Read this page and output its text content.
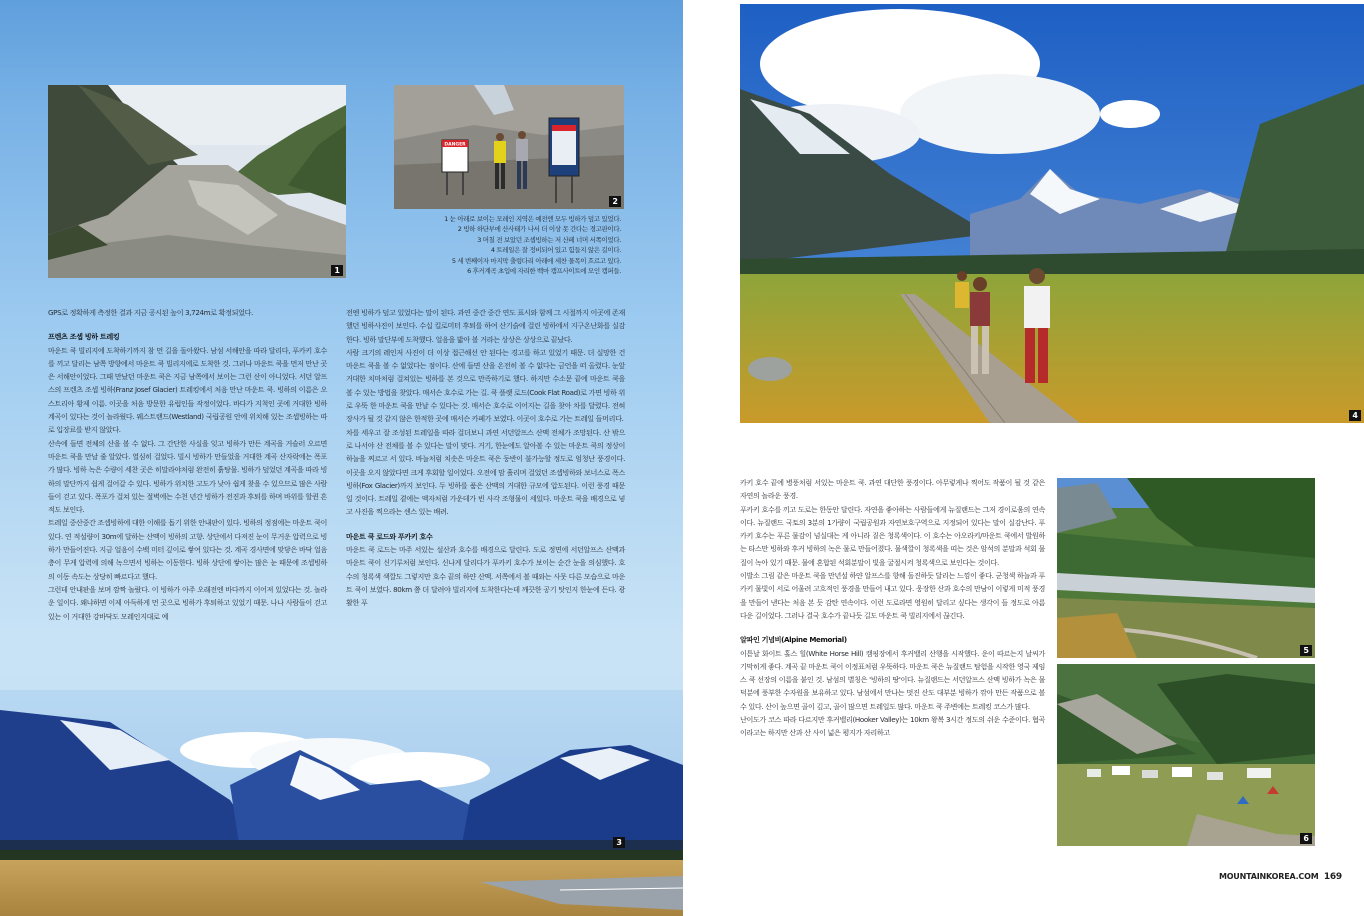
3
1
DANGER
2

1 눈 아래로 보이는 모레인 지역은 예전엔 모두 빙하가 덮고 있었다.

2 빙하 하단부에 산사태가 나서 더 이상 못 간다는 경고판이다.

3 머칠 전 보았던 조셉빙하는 저 산페 너머 서쪽이었다.

4 트레일은 잘 정비되어 있고 힘들지 않은 길이다.

5 세 번째이자 마지막 출렁다리 아래에 세찬 물목이 흐르고 있다.

6 후커계곡 초입에 자리한 백마 캠프사이트에 모인 캠퍼들.

GPS로 정확하게 측정한 결과 지금 공시된 높이 3,724m로 확정되었다.

프렌츠 조셉 빙하 트레킹

마운트 쿡 빌리지에 도착하기까지 참 먼 길을 돌아왔다. 남섬 서해안을 따라 달리다, 푸카키 호수를 끼고 달리는 남쪽 방향에서 마운트 쿡 빌리지에로 도착한 것. 그러나 마운트 쿡을 먼저 만난 곳은 서해안이었다. 그때 만났던 마운트 쿡은 지금 남쪽에서 보이는 그런 산이 아니었다. 서던 알프스의 프렌츠 조셉 빙하(Franz Josef Glacier) 트레킹에서 처음 만난 마운트 쿡. 빙하의 이름은 오스트리아 황제 이름. 이곳을 처음 방문한 유럽인들 작정이었다. 바다가 지척인 곳에 거대한 빙하 계곡이 있다는 것이 놀라웠다. 웨스트랜드(Westland) 국립공원 안에 위치해 있는 조셉빙하는 따로 입장료를 받지 않았다.

산속에 들면 전체의 산을 볼 수 없다. 그 간단한 사실을 잊고 빙하가 만든 계곡을 거슬러 오르면 마운트 쿡을 만날 줄 알았다. 열심히 걸었다. 빌시 빙하가 만들었을 거대한 계곡 산자락에는 폭포가 많다. 빙하 녹은 수량이 세찬 곳은 히말라야처럼 완전히 흙탕물. 빙하가 덮었던 계곡을 따라 빙하의 말단까지 쉽게 걸어갈 수 있다. 빙하가 위치한 고도가 낮아 쉽게 찾을 수 있으므로 많은 사람들이 걷고 있다. 폭포가 걸쳐 있는 절벽에는 수천 년간 빙하가 전진과 후퇴를 하며 바위를 할퀸 흔적도 보인다.

트레일 중산중간 조셉빙하에 대한 이해를 돕기 위한 안내판이 있다. 빙하의 정점에는 마운트 쿡이 있다. 연 적설량이 30m에 달하는 산맥이 빙하의 고향. 상단에서 다져진 눈이 무거운 압력으로 빙하가 만들어진다. 지금 얼음이 수백 미터 깊이로 쌓여 있다는 것. 계곡 경사면에 맞닿은 바닥 얼음층이 무게 압력에 의해 녹으면서 빙하는 이동한다. 빙하 상단에 쌓이는 많은 눈 때문에 조셉빙하의 이동 속도는 상당히 빠르다고 했다.

그런데 안내판을 보며 깜짝 놀랐다. 이 빙하가 아주 오래전엔 바다까지 이어져 있었다는 것. 놀라운 일이다. 왜냐하면 이제 아득하게 먼 곳으로 빙하가 후퇴하고 있었기 때문. 나나 사람들이 걷고 있는 이 거대한 강바닥도 모레인지대로 예

전엔 빙하가 덮고 있었다는 말이 된다. 과연 중간 중간 연도 표시와 함께 그 시절까지 이곳에 존재했던 빙하사진이 보인다. 수십 킬로미터 후퇴를 하여 산기슭에 걸린 빙하에서 지구온난화를 실감한다. 빙하 말단부에 도착했다. 얼음을 밟아 볼 거라는 상상은 상상으로 끝났다.

사람 크기의 레인저 사진이 더 이상 접근해선 안 된다는 경고를 하고 있었기 때문. 더 실망한 건 마운트 쿡을 볼 수 없었다는 점이다. 산에 들면 산을 온전히 볼 수 없다는 금언을 떠 올렸다. 눈앞 거대한 치마처럼 걸쳐있는 빙하를 본 것으로 만족하기로 했다. 하지만 수소문 끝에 마운트 쿡을 볼 수 있는 방법을 찾았다. 매서슨 호수로 가는 길. 쿡 플랫 로드(Cook Flat Road)로 가면 빙하 위로 우뚝 한 마운트 쿡을 만날 수 있다는 것. 매서슨 호수로 이어지는 길을 찾아 차를 달렸다. 전혀 장사가 될 것 같지 않은 한적한 곳에 매서슨 카페가 보였다. 이곳이 호수로 가는 트레일 들머리다.

차를 세우고 잘 조성된 트레일을 따라 걸더보니 과연 서던알프스 산맥 전체가 조망된다. 산 밖으로 나서야 산 전체를 볼 수 있다는 말이 맞다. 거기, 한눈에도 알아볼 수 있는 마운트 쿡의 정상이 하늘을 찌르고 서 있다. 바늘처럼 치솟은 마운트 쿡은 둥반이 불가능할 정도로 엄청난 풍경이다. 이곳을 오지 않았다면 크게 후회할 일이었다. 오전에 맘 흘리며 걸었던 조셉빙하와 보너스로 폭스빙하(Fox Glacier)까지 보인다. 두 빙하를 품은 산맥의 거대한 규모에 압도된다. 이런 풍경 때문일 것이다. 트레일 곁에는 액자처럼 가운데가 빈 사각 조형물이 세있다. 마운트 쿡을 배경으로 넣고 사진을 찍으라는 센스 있는 배려.

마운트 쿡 로드와 푸카키 호수

마운트 쿡 로드는 마주 서있는 설산과 호수를 배경으로 달린다. 도로 정면에 서던알프스 산맥과 마운트 쿡이 신기루처럼 보인다. 신나게 달리다가 푸카키 호수가 보이는 순간 눈을 의심했다. 호수의 청록색 색깔도 그렇지만 호수 끝의 하얀 산맥. 서쪽에서 볼 때와는 사뭇 다른 모습으로 마운트 쿡이 보였다. 80km 쯤 더 달려야 빌리지에 도착한다는데 깨끗한 공기 탓인지 한눈에 든다. 광활한 푸

4
5
6

카키 호수 끝에 병풍처럼 서있는 마운트 쿡. 과연 대단한 풍경이다. 아무렇게나 찍어도 작품이 될 것 같은 자연의 놀라운 풍경.

푸카키 호수를 끼고 도로는 한동안 달린다. 자연을 좋아하는 사람들에게 뉴질랜드는 그저 경이로움의 연속이다. 뉴질랜드 국토의 3분의 1가량이 국립공원과 자연보호구역으로 지정되어 있다는 말이 실감난다. 푸카키 호수는 푸른 물감이 넘실대는 게 아니라 짙은 청록색이다. 이 호수는 아오라키/마운트 쿡에서 발원하는 타스만 빙하와 후커 빙하의 녹은 물로 만들어졌다. 물색깔이 청록색을 띠는 것은 암석의 분말과 석회 물질이 녹아 있기 때문. 물에 혼합된 석회분말이 빛을 굴절시켜 청록색으로 보인다는 것이다.

이발소 그림 같은 마운트 쿡을 만년설 하얀 알프스를 향해 돌진하듯 달리는 느낌이 좋다. 군청색 하늘과 푸카키 물빛이 서로 어울려 고흐적인 풍경을 만들어 내고 있다. 웅장한 산과 호수의 만남이 이렇게 미적 풍경을 만들어 낸다는 처음 본 듯 감탄 연속이다. 이런 도로라면 영원히 달리고 싶다는 생각이 들 정도로 아름다운 길이었다. 그러나 결국 호수가 끝나듯 길도 마운트 쿡 빌리지에서 끊긴다.

알파인 기념비(Alpine Memorial)

이튿날 화이트 홀스 힐(White Horse Hill) 캠핑장에서 후커밸리 산행을 시작했다. 운이 따르는지 날씨가 기막히게 좋다. 계곡 끝 마운트 쿡이 이정표처럼 우뚝하다. 마운트 쿡은 뉴질랜드 탐험을 시작한 영국 제임스 쿡 선장의 이름을 붙인 것. 남섬의 별칭은 '빙하의 땅'이다. 뉴질랜드는 서던알프스 산맥 빙하가 녹은 물 덕분에 풍부한 수자원을 보유하고 있다. 남섬에서 만나는 멋진 산도 대부분 빙하가 깎아 만든 작품으로 볼 수 있다. 산이 높으면 골이 깊고, 골이 많으면 트레일도 많다. 마운트 쿡 주변에는 트레킹 코스가 많다.

난이도가 코스 따라 다르지만 후커밸리(Hooker Valley)는 10km 왕복 3시간 정도의 쉬운 수준이다. 협곡이라고는 하지만 산과 산 사이 넓은 평지가 자리하고

MOUNTAINKOREA.COM 169
